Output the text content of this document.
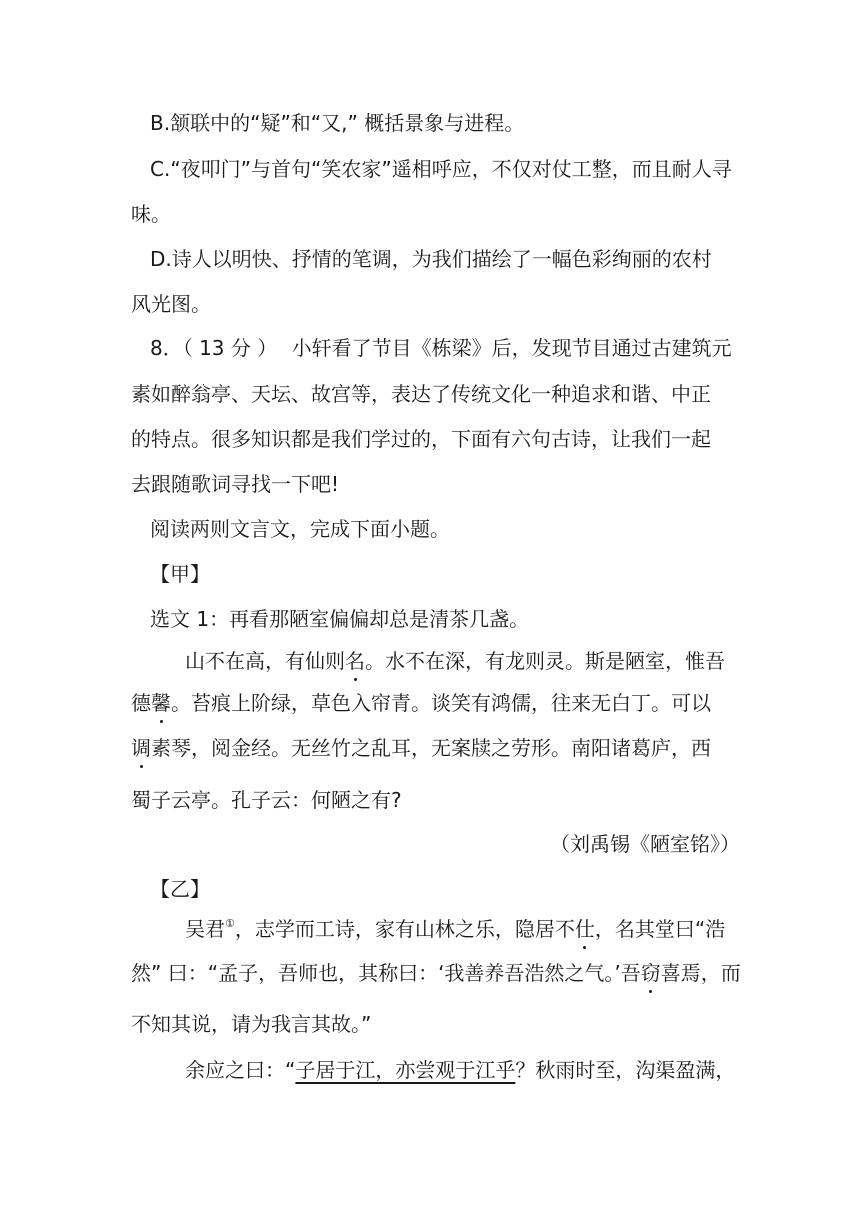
B.颔联中的“疑”和“又,” 概括景象与进程。
C.“夜叩门”与首句“笑农家”遥相呼应，不仅对仗工整，而且耐人寻
味。
D.诗人以明快、抒情的笔调，为我们描绘了一幅色彩绚丽的农村
风光图。
8．（ 13 分 ） 小轩看了节目《栋梁》后，发现节目通过古建筑元
素如醉翁亭、天坛、故宫等，表达了传统文化一种追求和谐、中正
的特点。很多知识都是我们学过的，下面有六句古诗，让我们一起
去跟随歌词寻找一下吧!
阅读两则文言文，完成下面小题。
【甲】
选文 1：再看那陋室偏偏却总是清茶几盏。
山不在高，有仙则名。水不在深，有龙则灵。斯是陋室，惟吾
德馨。苔痕上阶绿，草色入帘青。谈笑有鸿儒，往来无白丁。可以
调素琴，阅金经。无丝竹之乱耳，无案牍之劳形。南阳诸葛庐，西
蜀子云亭。孔子云：何陋之有?
（刘禹锡《陋室铭》）
【乙】
吴君①，志学而工诗，家有山林之乐，隐居不仕，名其堂曰“浩
然” 曰：“孟子，吾师也，其称曰：‘我善养吾浩然之气。’吾窃喜焉，而
不知其说，请为我言其故。”
余应之曰：“子居于江，亦尝观于江乎？秋雨时至，沟渠盈满，
